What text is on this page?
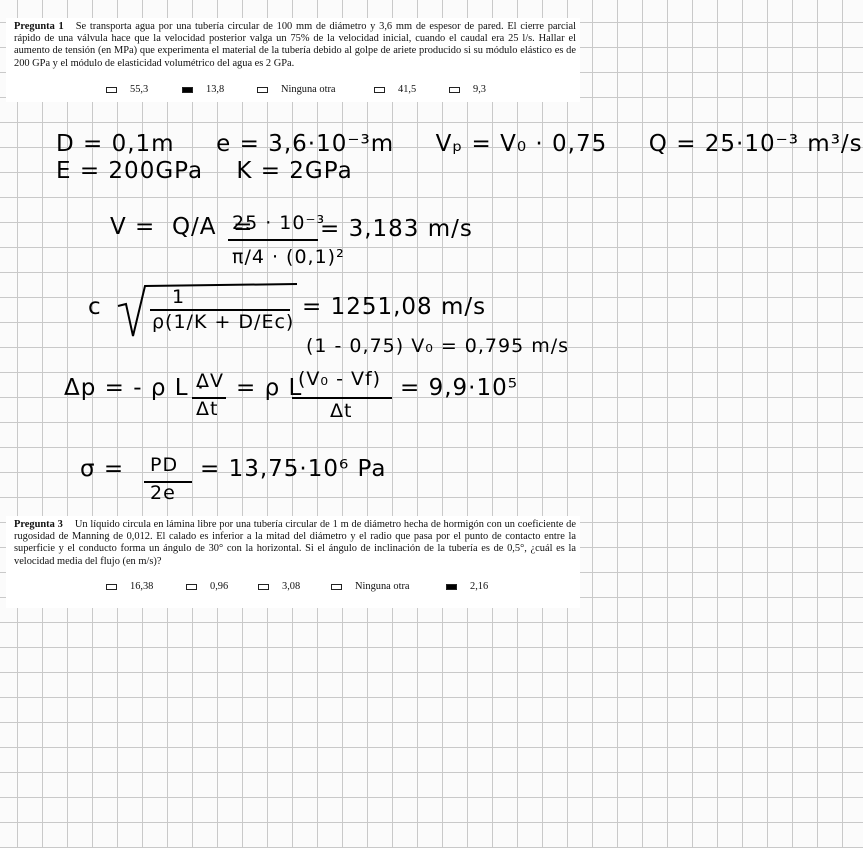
Pregunta 1 Se transporta agua por una tubería circular de 100 mm de diámetro y 3,6 mm de espesor de pared. El cierre parcial rápido de una válvula hace que la velocidad posterior valga un 75% de la velocidad inicial, cuando el caudal era 25 l/s. Hallar el aumento de tensión (en MPa) que experimenta el material de la tubería debido al golpe de ariete producido si su módulo elástico es de 200 GPa y el módulo de elasticidad volumétrico del agua es 2 GPa.
55,3	13,8	Ninguna otra	41,5	9,3
D = 0,1m     e = 3,6·10⁻³m     Vₚ = V₀ · 0,75     Q = 25·10⁻³ m³/s
E = 200GPa    K = 2GPa
V =  Q/A  =
25 · 10⁻³
π/4 · (0,1)²
= 3,183 m/s
c	1
ρ(1/K + D/Ec)
= 1251,08 m/s
(1 - 0,75) V₀ = 0,795 m/s
Δp = - ρ L ·
ΔV
Δt
= ρ L
(V₀ - Vf)
Δt
= 9,9·10⁵
σ = PD
2e
= 13,75·10⁶ Pa
Pregunta 3 Un líquido circula en lámina libre por una tubería circular de 1 m de diámetro hecha de hormigón con un coeficiente de rugosidad de Manning de 0,012. El calado es inferior a la mitad del diámetro y el radio que pasa por el punto de contacto entre la superficie y el conducto forma un ángulo de 30° con la horizontal. Si el ángulo de inclinación de la tubería es de 0,5°, ¿cuál es la velocidad media del flujo (en m/s)?
16,38	0,96	3,08	Ninguna otra	2,16
